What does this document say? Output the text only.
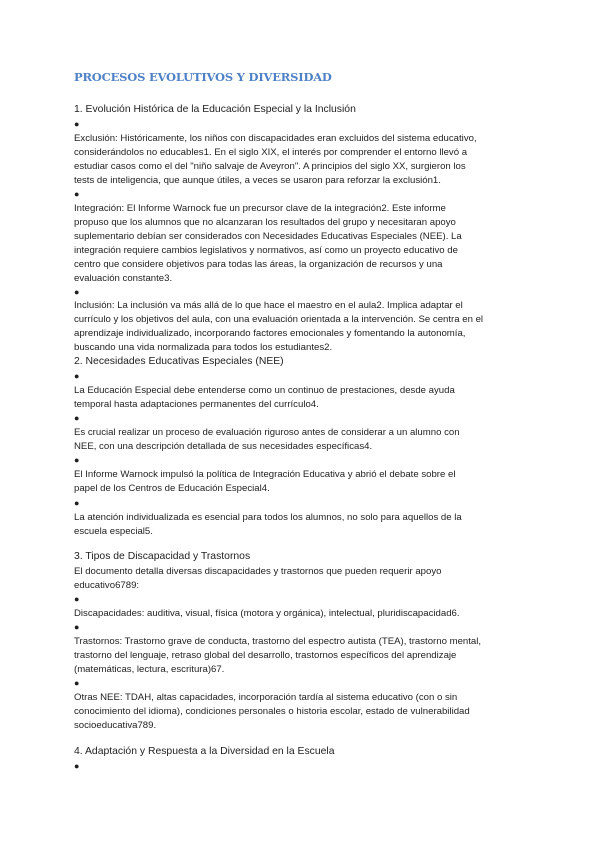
PROCESOS EVOLUTIVOS Y DIVERSIDAD
1. Evolución Histórica de la Educación Especial y la Inclusión
●
Exclusión: Históricamente, los niños con discapacidades eran excluidos del sistema educativo,
considerándolos no educables1. En el siglo XIX, el interés por comprender el entorno llevó a
estudiar casos como el del "niño salvaje de Aveyron". A principios del siglo XX, surgieron los
tests de inteligencia, que aunque útiles, a veces se usaron para reforzar la exclusión1.
●
Integración: El Informe Warnock fue un precursor clave de la integración2. Este informe
propuso que los alumnos que no alcanzaran los resultados del grupo y necesitaran apoyo
suplementario debían ser considerados con Necesidades Educativas Especiales (NEE). La
integración requiere cambios legislativos y normativos, así como un proyecto educativo de
centro que considere objetivos para todas las áreas, la organización de recursos y una
evaluación constante3.
●
Inclusión: La inclusión va más allá de lo que hace el maestro en el aula2. Implica adaptar el
currículo y los objetivos del aula, con una evaluación orientada a la intervención. Se centra en el
aprendizaje individualizado, incorporando factores emocionales y fomentando la autonomía,
buscando una vida normalizada para todos los estudiantes2.
2. Necesidades Educativas Especiales (NEE)
●
La Educación Especial debe entenderse como un continuo de prestaciones, desde ayuda
temporal hasta adaptaciones permanentes del currículo4.
●
Es crucial realizar un proceso de evaluación riguroso antes de considerar a un alumno con
NEE, con una descripción detallada de sus necesidades específicas4.
●
El Informe Warnock impulsó la política de Integración Educativa y abrió el debate sobre el
papel de los Centros de Educación Especial4.
●
La atención individualizada es esencial para todos los alumnos, no solo para aquellos de la
escuela especial5.
3. Tipos de Discapacidad y Trastornos
El documento detalla diversas discapacidades y trastornos que pueden requerir apoyo
educativo6789:
●
Discapacidades: auditiva, visual, física (motora y orgánica), intelectual, pluridiscapacidad6.
●
Trastornos: Trastorno grave de conducta, trastorno del espectro autista (TEA), trastorno mental,
trastorno del lenguaje, retraso global del desarrollo, trastornos específicos del aprendizaje
(matemáticas, lectura, escritura)67.
●
Otras NEE: TDAH, altas capacidades, incorporación tardía al sistema educativo (con o sin
conocimiento del idioma), condiciones personales o historia escolar, estado de vulnerabilidad
socioeducativa789.
4. Adaptación y Respuesta a la Diversidad en la Escuela
●
